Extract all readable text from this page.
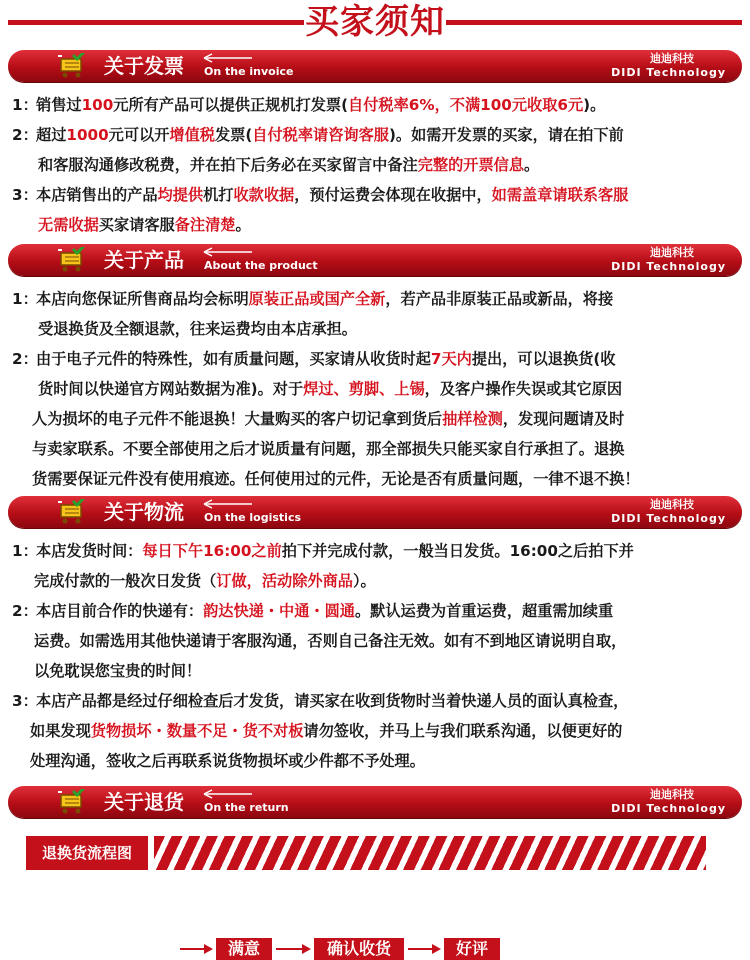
买家须知
关于发票 On the invoice
迪迪科技
DIDI Technology
关于产品 About the product
迪迪科技
DIDI Technology
关于物流 On the logistics
迪迪科技
DIDI Technology
关于退货 On the return
迪迪科技
DIDI Technology
1：销售过100元所有产品可以提供正规机打发票(自付税率6%，不满100元收取6元)。
2：超过1000元可以开增值税发票(自付税率请咨询客服)。如需开发票的买家，请在拍下前
和客服沟通修改税费，并在拍下后务必在买家留言中备注完整的开票信息。
3：本店销售出的产品均提供机打收款收据，预付运费会体现在收据中，如需盖章请联系客服
无需收据买家请客服备注清楚。
1：本店向您保证所售商品均会标明原装正品或国产全新，若产品非原装正品或新品，将接
受退换货及全额退款，往来运费均由本店承担。
2：由于电子元件的特殊性，如有质量问题，买家请从收货时起7天内提出，可以退换货(收
货时间以快递官方网站数据为准)。对于焊过、剪脚、上锡，及客户操作失误或其它原因
人为损坏的电子元件不能退换！大量购买的客户切记拿到货后抽样检测，发现问题请及时
与卖家联系。不要全部使用之后才说质量有问题，那全部损失只能买家自行承担了。退换
货需要保证元件没有使用痕迹。任何使用过的元件，无论是否有质量问题，一律不退不换！
1：本店发货时间：每日下午16:00之前拍下并完成付款，一般当日发货。16:00之后拍下并
完成付款的一般次日发货（订做，活动除外商品）。
2：本店目前合作的快递有：韵达快递・中通・圆通。默认运费为首重运费，超重需加续重
运费。如需选用其他快递请于客服沟通，否则自己备注无效。如有不到地区请说明自取，
以免耽误您宝贵的时间！
3：本店产品都是经过仔细检查后才发货，请买家在收到货物时当着快递人员的面认真检查，
如果发现货物损坏・数量不足・货不对板请勿签收，并马上与我们联系沟通，以便更好的
处理沟通，签收之后再联系说货物损坏或少件都不予处理。
退换货流程图
满意	确认收货	好评
